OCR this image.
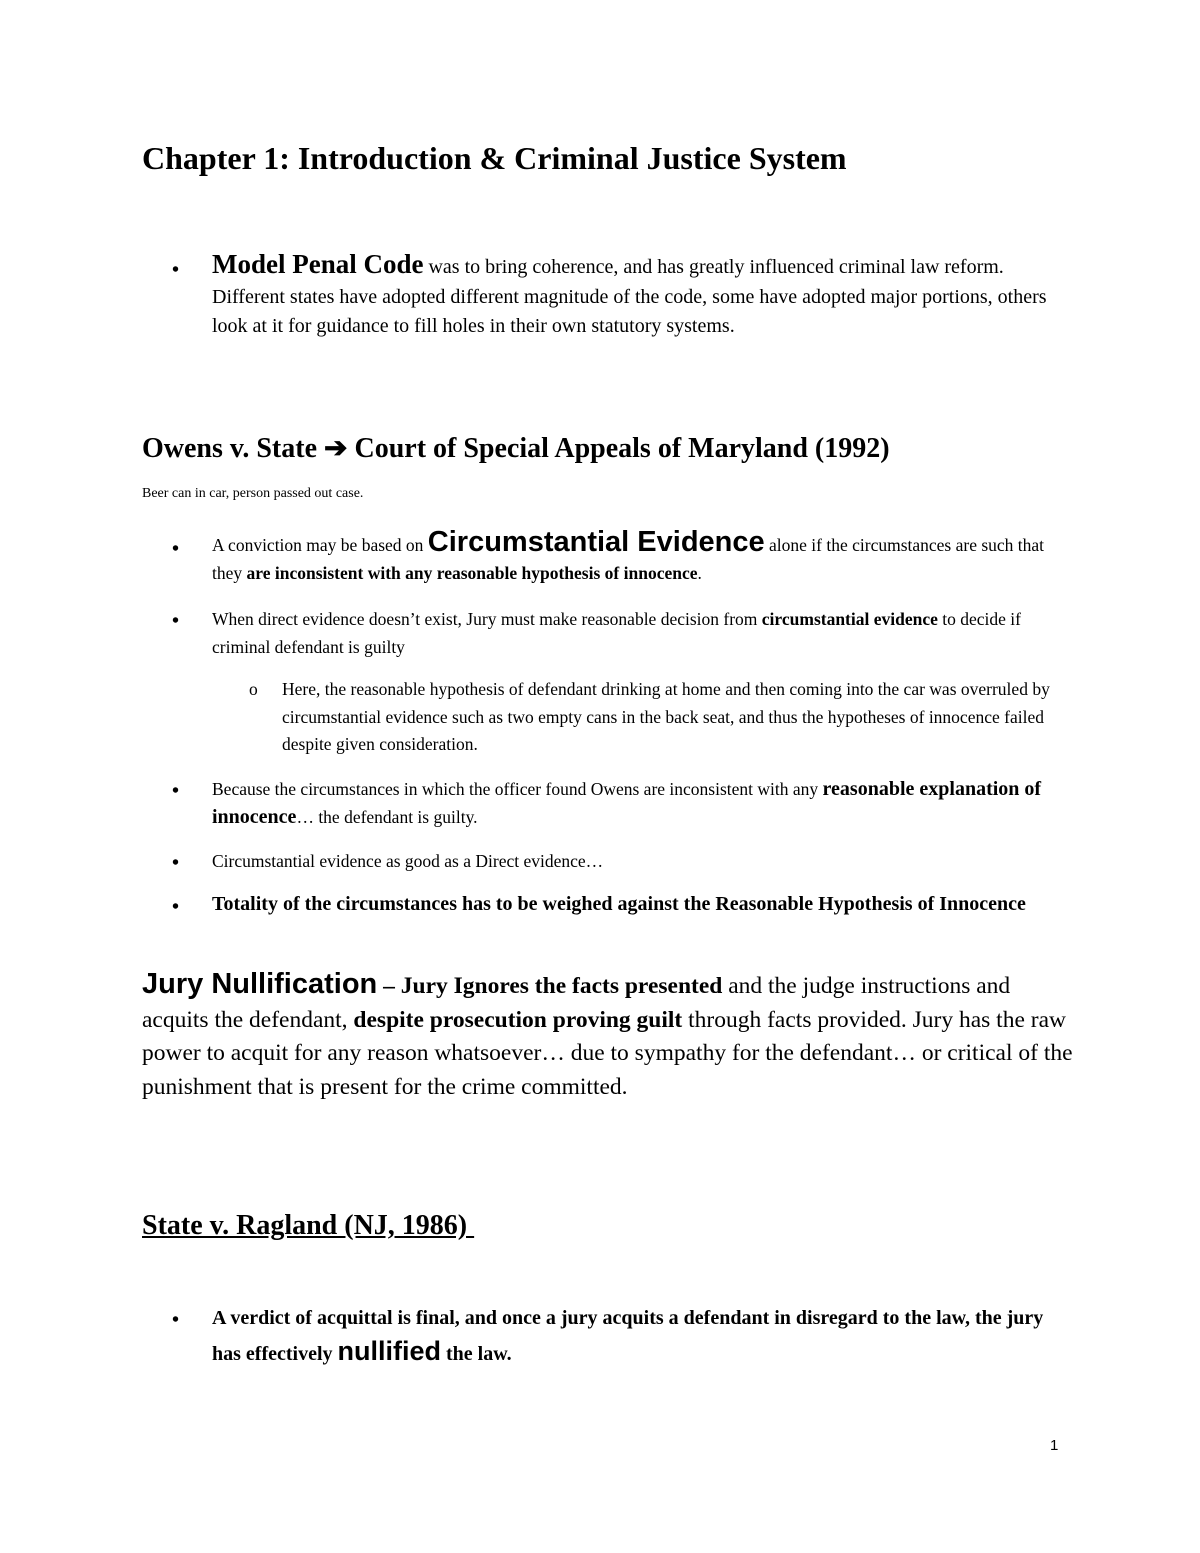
Chapter 1: Introduction & Criminal Justice System
• Model Penal Code was to bring coherence, and has greatly influenced criminal law reform. Different states have adopted different magnitude of the code, some have adopted major portions, others look at it for guidance to fill holes in their own statutory systems.
Owens v. State ➔ Court of Special Appeals of Maryland (1992)
Beer can in car, person passed out case.
• A conviction may be based on Circumstantial Evidence alone if the circumstances are such that they are inconsistent with any reasonable hypothesis of innocence.
• When direct evidence doesn’t exist, Jury must make reasonable decision from circumstantial evidence to decide if criminal defendant is guilty
o Here, the reasonable hypothesis of defendant drinking at home and then coming into the car was overruled by circumstantial evidence such as two empty cans in the back seat, and thus the hypotheses of innocence failed despite given consideration.
• Because the circumstances in which the officer found Owens are inconsistent with any reasonable explanation of innocence… the defendant is guilty.
• Circumstantial evidence as good as a Direct evidence…
• Totality of the circumstances has to be weighed against the Reasonable Hypothesis of Innocence
Jury Nullification – Jury Ignores the facts presented and the judge instructions and acquits the defendant, despite prosecution proving guilt through facts provided. Jury has the raw power to acquit for any reason whatsoever… due to sympathy for the defendant… or critical of the punishment that is present for the crime committed.
State v. Ragland (NJ, 1986)
• A verdict of acquittal is final, and once a jury acquits a defendant in disregard to the law, the jury has effectively nullified the law.
1
